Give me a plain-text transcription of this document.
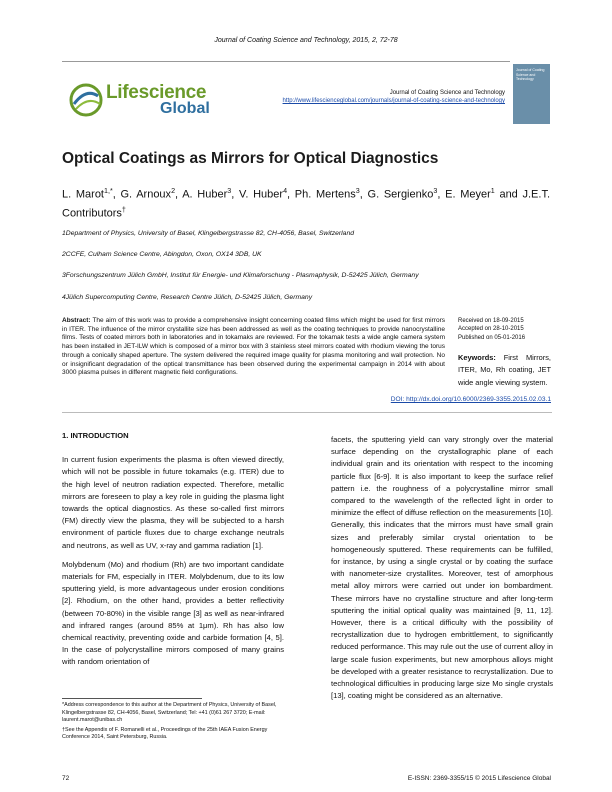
Journal of Coating Science and Technology, 2015, 2, 72-78
Lifescience
Global
Journal of Coating Science and Technology
http://www.lifescienceglobal.com/journals/journal-of-coating-science-and-technology
Journal of Coating Science and Technology
Optical Coatings as Mirrors for Optical Diagnostics
L. Marot$^{1,*}$, G. Arnoux$^2$, A. Huber$^3$, V. Huber$^4$, Ph. Mertens$^3$, G. Sergienko$^3$, E. Meyer$^1$ and J.E.T. Contributors†
1Department of Physics, University of Basel, Klingelbergstrasse 82, CH-4056, Basel, Switzerland
2CCFE, Culham Science Centre, Abingdon, Oxon, OX14 3DB, UK
3Forschungszentrum Jülich GmbH, Institut für Energie- und Klimaforschung - Plasmaphysik, D-52425 Jülich, Germany
4Jülich Supercomputing Centre, Research Centre Jülich, D-52425 Jülich, Germany
Abstract: The aim of this work was to provide a comprehensive insight concerning coated films which might be used for first mirrors in ITER. The influence of the mirror crystallite size has been addressed as well as the coating techniques to provide nanocrystalline films. Tests of coated mirrors both in laboratories and in tokamaks are reviewed. For the tokamak tests a wide angle camera system has been installed in JET-ILW which is composed of a mirror box with 3 stainless steel mirrors coated with rhodium viewing the torus through a conically shaped aperture. The system delivered the required image quality for plasma monitoring and wall protection. No or insignificant degradation of the optical transmittance has been observed during the experimental campaign in 2014 with about 3000 plasma pulses in different magnetic field configurations.
Received on 18-09-2015
Accepted on 28-10-2015
Published on 05-01-2016
Keywords: First Mirrors, ITER, Mo, Rh coating, JET wide angle viewing system.
DOI: http://dx.doi.org/10.6000/2369-3355.2015.02.03.1
1. INTRODUCTION

In current fusion experiments the plasma is often viewed directly, which will not be possible in future tokamaks (e.g. ITER) due to the high level of neutron radiation expected. Therefore, metallic mirrors are foreseen to play a key role in guiding the plasma light towards the optical diagnostics. As these so-called first mirrors (FM) directly view the plasma, they will be subjected to a harsh environment of particle fluxes due to charge exchange neutrals and neutrons, as well as UV, x-ray and gamma radiation [1].

Molybdenum (Mo) and rhodium (Rh) are two important candidate materials for FM, especially in ITER. Molybdenum, due to its low sputtering yield, is more advantageous under erosion conditions [2]. Rhodium, on the other hand, provides a better reflectivity (between 70-80%) in the visible range [3] as well as near-infrared and infrared ranges (around 85% at 1μm). Rh has also low chemical reactivity, preventing oxide and carbide formation [4, 5]. In the case of polycrystalline mirrors composed of many grains with random orientation of

facets, the sputtering yield can vary strongly over the material surface depending on the crystallographic plane of each individual grain and its orientation with respect to the incoming particle flux [6-9]. It is also important to keep the surface relief pattern i.e. the roughness of a polycrystalline mirror small compared to the wavelength of the reflected light in order to minimize the effect of diffuse reflection on the measurements [10]. Generally, this indicates that the mirrors must have small grain sizes and preferably similar crystal orientation to be homogeneously sputtered. These requirements can be fulfilled, for instance, by using a single crystal or by coating the surface with nanometer-size crystallites. Moreover, test of amorphous metal alloy mirrors were carried out under ion bombardment. These mirrors have no crystalline structure and after long-term sputtering the initial optical quality was maintained [9, 11, 12]. However, there is a critical difficulty with the possibility of recrystallization due to hydrogen embrittlement, to significantly reduced performance. This may rule out the use of current alloy in large scale fusion experiments, but new amorphous alloys might be developed with a greater resistance to recrystallization. Due to technological difficulties in producing large size Mo single crystals [13], coating might be considered as an alternative.

*Address correspondence to this author at the Department of Physics, University of Basel, Klingelbergstrasse 82, CH-4056, Basel, Switzerland; Tel: +41 (0)61 267 3720; E-mail: laurent.marot@unibas.ch

†See the Appendix of F. Romanelli et al., Proceedings of the 25th IAEA Fusion Energy Conference 2014, Saint Petersburg, Russia.

72	E-ISSN: 2369-3355/15 © 2015 Lifescience Global
